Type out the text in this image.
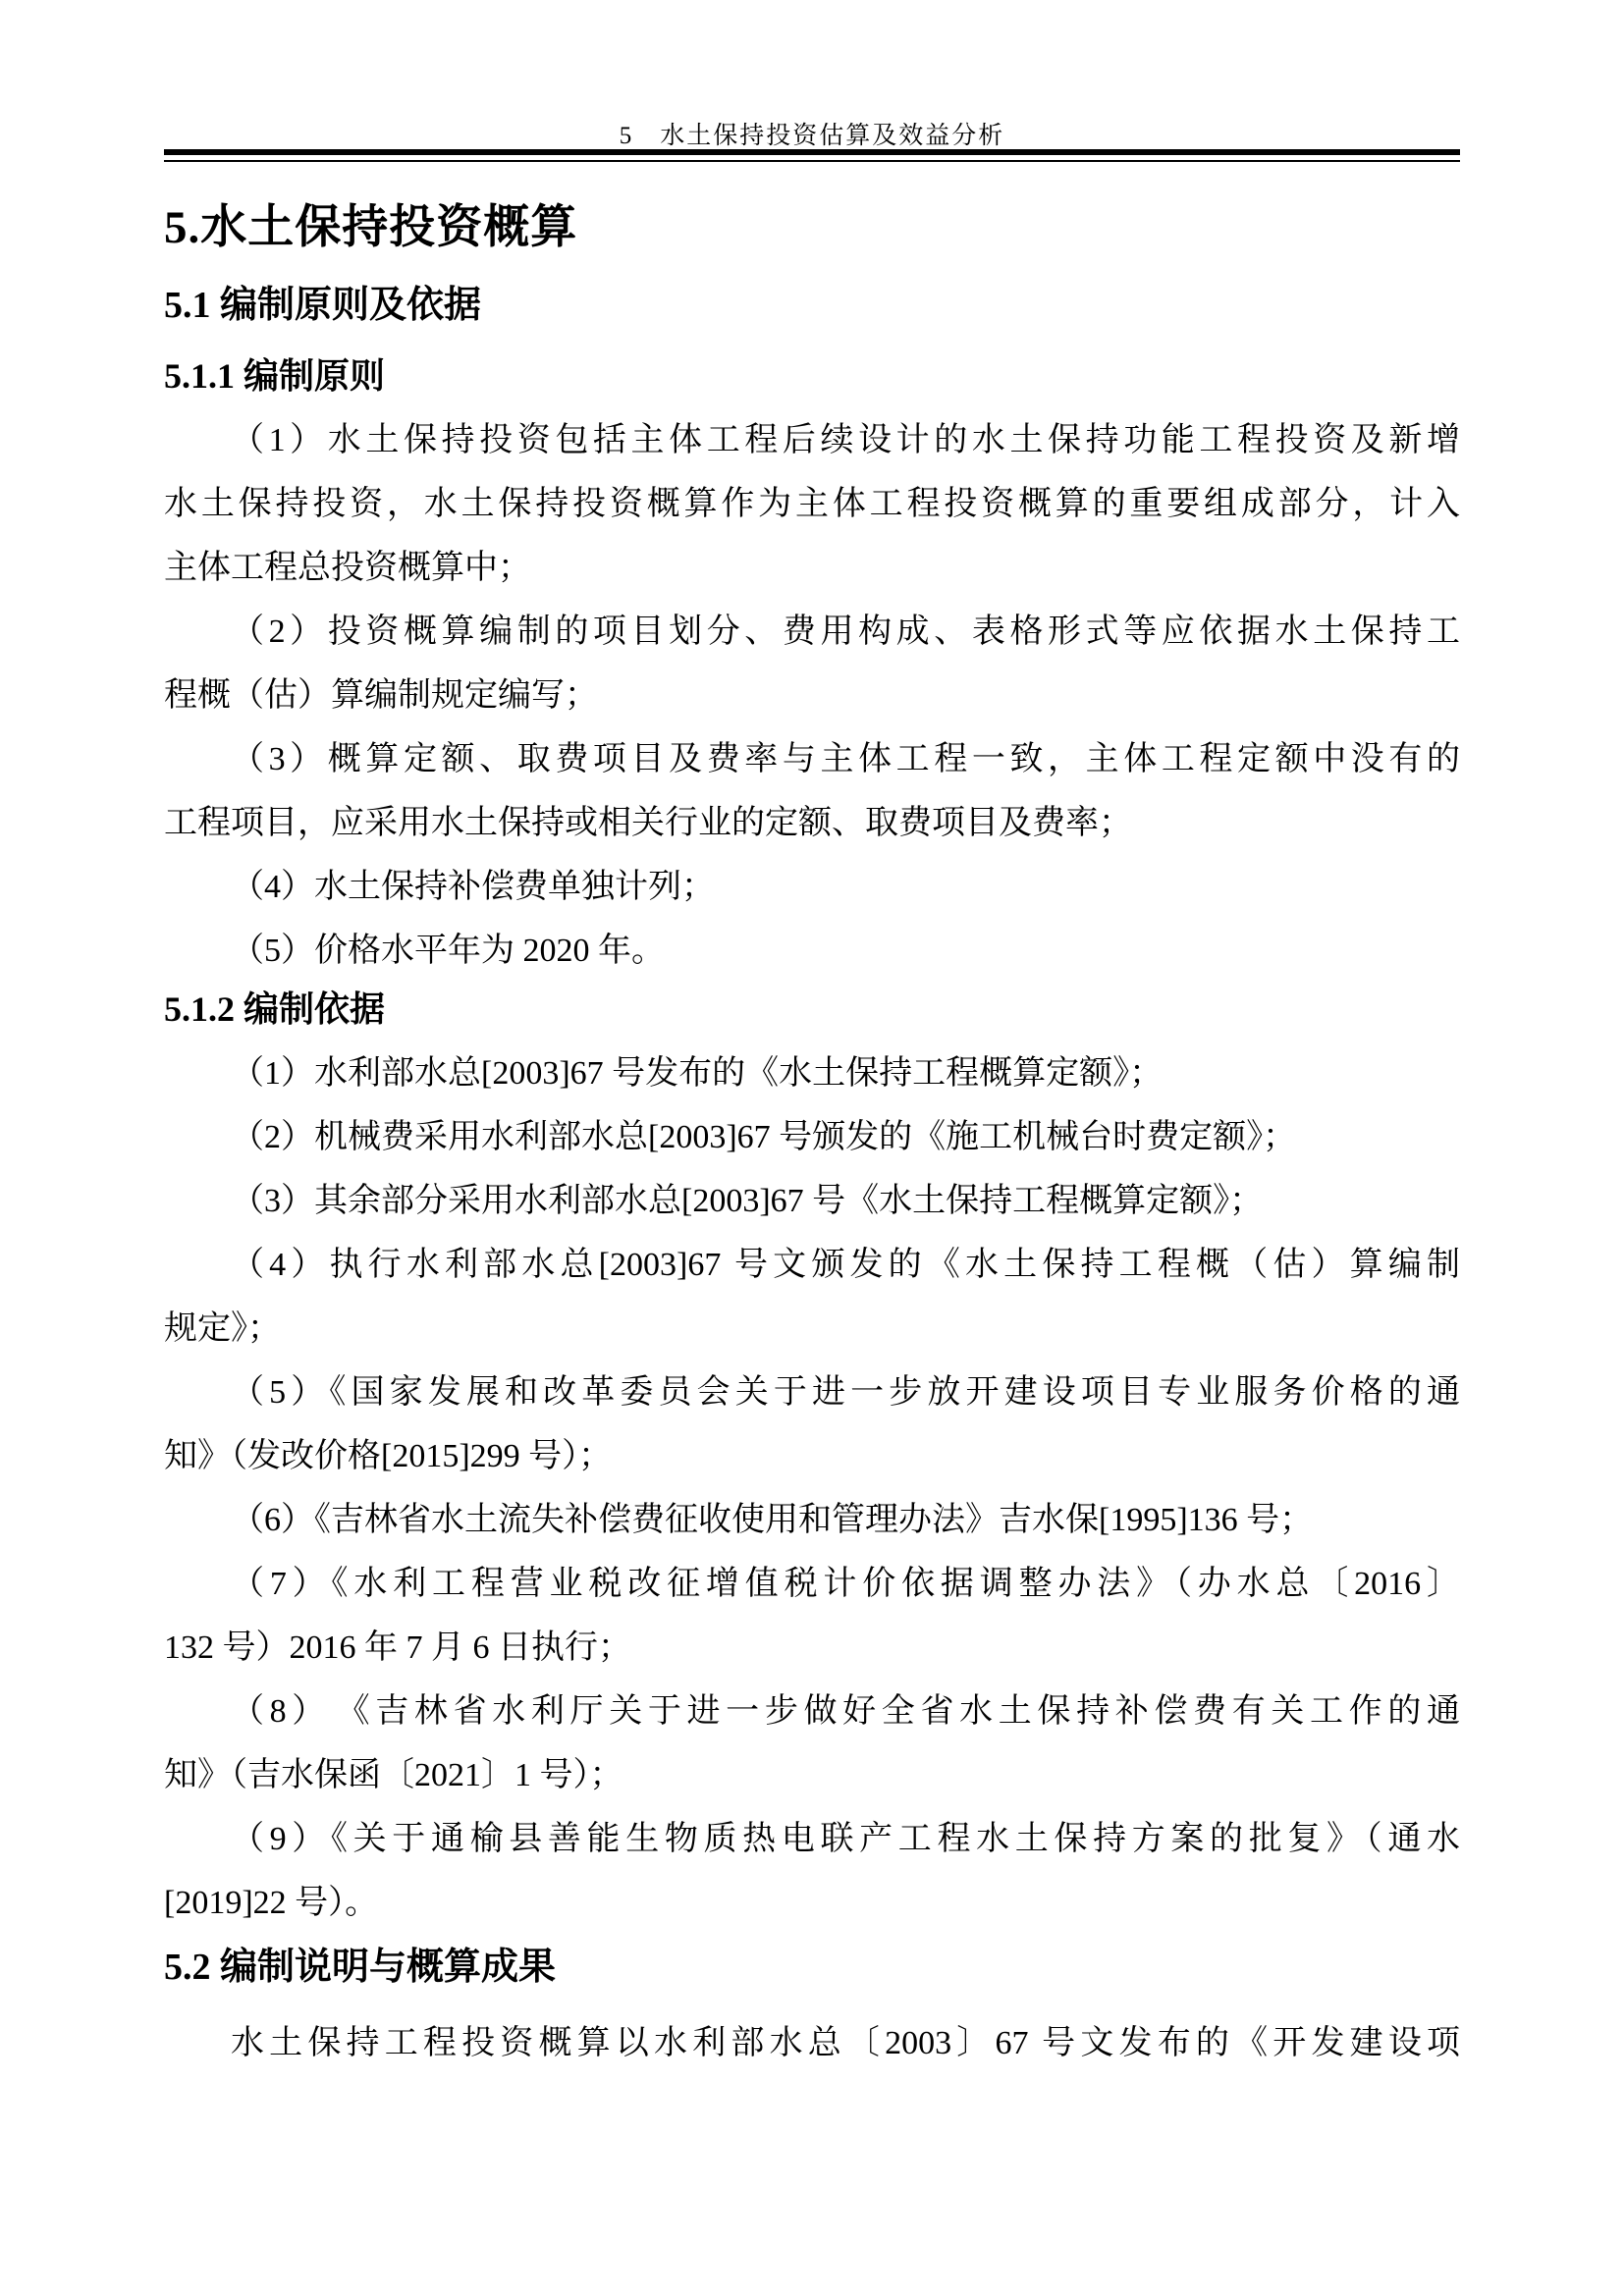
5　水土保持投资估算及效益分析
5.水土保持投资概算
5.1 编制原则及依据
5.1.1 编制原则
（1）水土保持投资包括主体工程后续设计的水土保持功能工程投资及新增
水土保持投资，水土保持投资概算作为主体工程投资概算的重要组成部分，计入
主体工程总投资概算中；
（2）投资概算编制的项目划分、费用构成、表格形式等应依据水土保持工
程概（估）算编制规定编写；
（3）概算定额、取费项目及费率与主体工程一致，主体工程定额中没有的
工程项目，应采用水土保持或相关行业的定额、取费项目及费率；
（4）水土保持补偿费单独计列；
（5）价格水平年为 2020 年。
5.1.2 编制依据
（1）水利部水总[2003]67 号发布的《水土保持工程概算定额》；
（2）机械费采用水利部水总[2003]67 号颁发的《施工机械台时费定额》；
（3）其余部分采用水利部水总[2003]67 号《水土保持工程概算定额》；
（4）执行水利部水总[2003]67 号文颁发的《水土保持工程概（估）算编制
规定》；
（5）《国家发展和改革委员会关于进一步放开建设项目专业服务价格的通
知》（发改价格[2015]299 号）；
（6）《吉林省水土流失补偿费征收使用和管理办法》吉水保[1995]136 号；
（7）《水利工程营业税改征增值税计价依据调整办法》（办水总〔2016〕
132 号）2016 年 7 月 6 日执行；
（8）　《吉林省水利厅关于进一步做好全省水土保持补偿费有关工作的通
知》（吉水保函〔2021〕1 号）；
（9）《关于通榆县善能生物质热电联产工程水土保持方案的批复》（通水
[2019]22 号）。
5.2 编制说明与概算成果
水土保持工程投资概算以水利部水总〔2003〕67 号文发布的《开发建设项
